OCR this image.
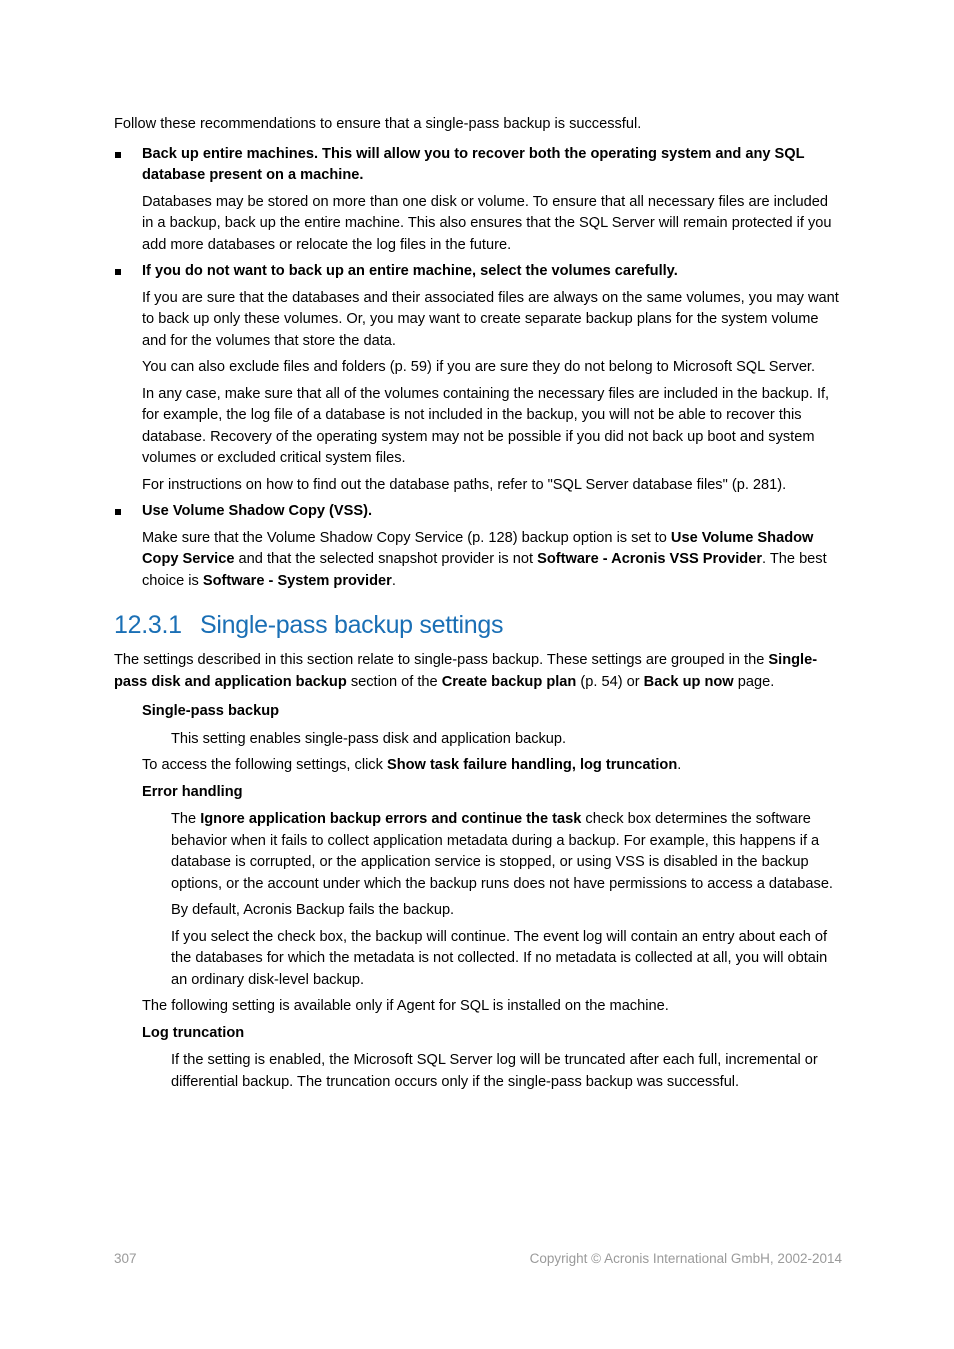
Follow these recommendations to ensure that a single-pass backup is successful.

Back up entire machines. This will allow you to recover both the operating system and any SQL database present on a machine.

Databases may be stored on more than one disk or volume. To ensure that all necessary files are included in a backup, back up the entire machine. This also ensures that the SQL Server will remain protected if you add more databases or relocate the log files in the future.

If you do not want to back up an entire machine, select the volumes carefully.

If you are sure that the databases and their associated files are always on the same volumes, you may want to back up only these volumes. Or, you may want to create separate backup plans for the system volume and for the volumes that store the data.

You can also exclude files and folders (p. 59) if you are sure they do not belong to Microsoft SQL Server.

In any case, make sure that all of the volumes containing the necessary files are included in the backup. If, for example, the log file of a database is not included in the backup, you will not be able to recover this database. Recovery of the operating system may not be possible if you did not back up boot and system volumes or excluded critical system files.

For instructions on how to find out the database paths, refer to "SQL Server database files" (p. 281).

Use Volume Shadow Copy (VSS).

Make sure that the Volume Shadow Copy Service (p. 128) backup option is set to Use Volume Shadow Copy Service and that the selected snapshot provider is not Software - Acronis VSS Provider. The best choice is Software - System provider.

12.3.1 Single-pass backup settings

The settings described in this section relate to single-pass backup. These settings are grouped in the Single-pass disk and application backup section of the Create backup plan (p. 54) or Back up now page.

Single-pass backup

This setting enables single-pass disk and application backup.

To access the following settings, click Show task failure handling, log truncation.

Error handling

The Ignore application backup errors and continue the task check box determines the software behavior when it fails to collect application metadata during a backup. For example, this happens if a database is corrupted, or the application service is stopped, or using VSS is disabled in the backup options, or the account under which the backup runs does not have permissions to access a database.

By default, Acronis Backup fails the backup.

If you select the check box, the backup will continue. The event log will contain an entry about each of the databases for which the metadata is not collected. If no metadata is collected at all, you will obtain an ordinary disk-level backup.

The following setting is available only if Agent for SQL is installed on the machine.

Log truncation

If the setting is enabled, the Microsoft SQL Server log will be truncated after each full, incremental or differential backup. The truncation occurs only if the single-pass backup was successful.

307	Copyright © Acronis International GmbH, 2002-2014
